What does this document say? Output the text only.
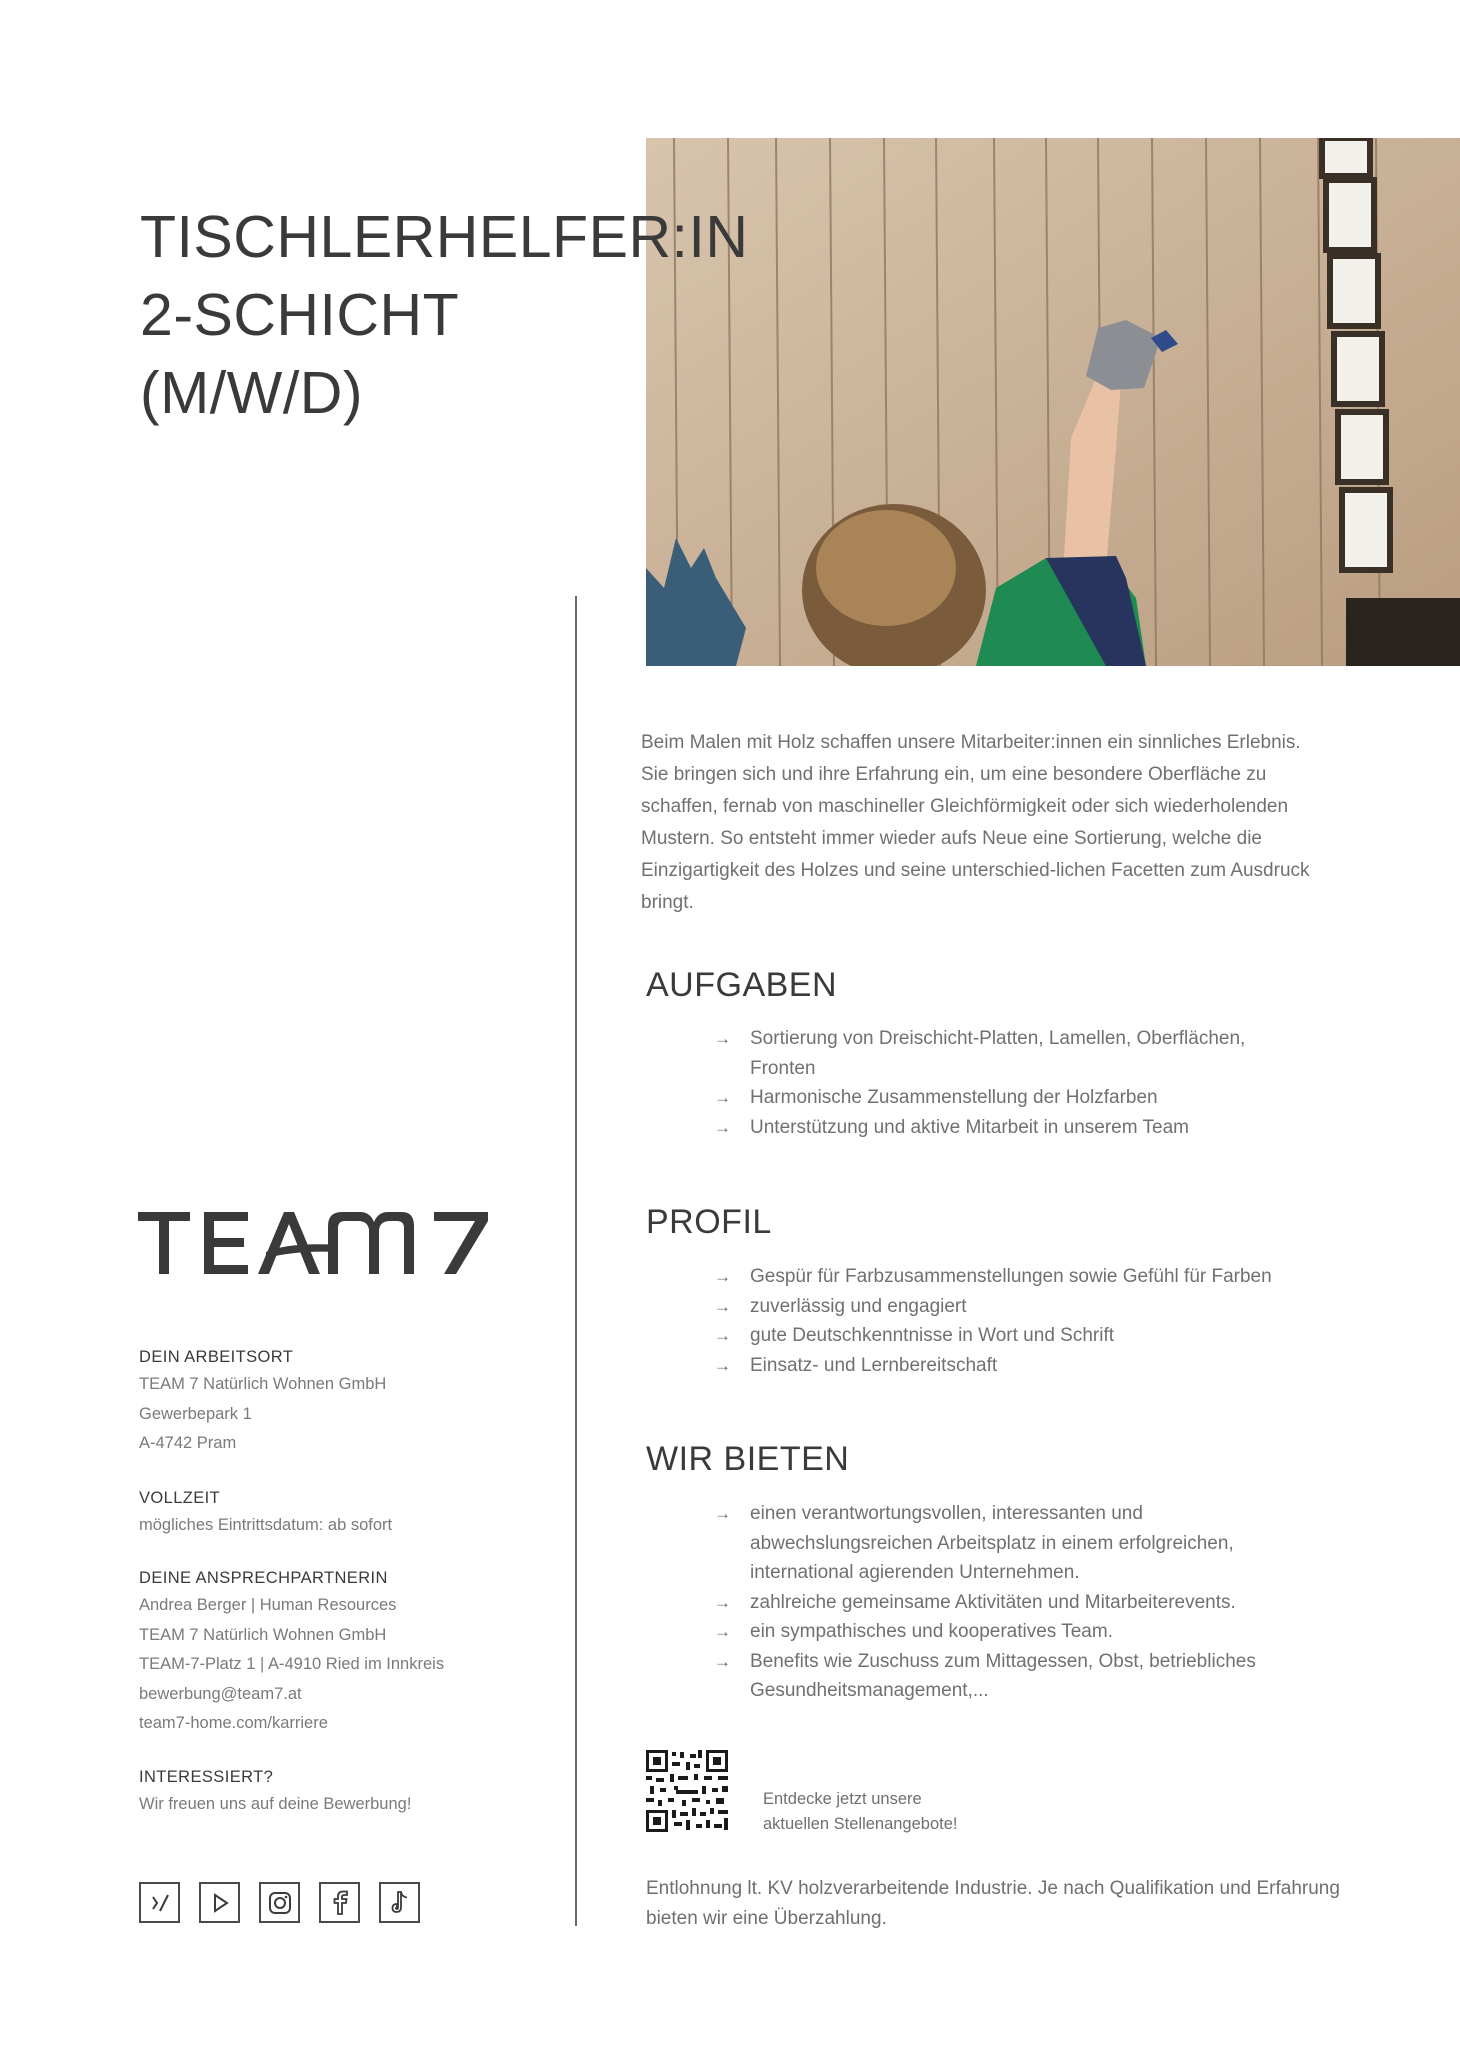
TISCHLERHELFER:IN
2-SCHICHT
(M/W/D)

Beim Malen mit Holz schaffen unsere Mitarbeiter:innen ein sinnliches Erlebnis. Sie bringen sich und ihre Erfahrung ein, um eine besondere Oberfläche zu schaffen, fernab von maschineller Gleichförmigkeit oder sich wiederholenden Mustern. So entsteht immer wieder aufs Neue eine Sortierung, welche die Einzigartigkeit des Holzes und seine unterschied-lichen Facetten zum Ausdruck bringt.

AUFGABEN
→ Sortierung von Dreischicht-Platten, Lamellen, Oberflächen, Fronten
→ Harmonische Zusammenstellung der Holzfarben
→ Unterstützung und aktive Mitarbeit in unserem Team
PROFIL
→ Gespür für Farbzusammenstellungen sowie Gefühl für Farben
→ zuverlässig und engagiert
→ gute Deutschkenntnisse in Wort und Schrift
→ Einsatz- und Lernbereitschaft
WIR BIETEN
→ einen verantwortungsvollen, interessanten und abwechslungsreichen Arbeitsplatz in einem erfolgreichen, international agierenden Unternehmen.
→ zahlreiche gemeinsame Aktivitäten und Mitarbeiterevents.
→ ein sympathisches und kooperatives Team.
→ Benefits wie Zuschuss zum Mittagessen, Obst, betriebliches Gesundheitsmanagement,...
DEIN ARBEITSORT
TEAM 7 Natürlich Wohnen GmbH
Gewerbepark 1
A-4742 Pram
VOLLZEIT
mögliches Eintrittsdatum: ab sofort
DEINE ANSPRECHPARTNERIN
Andrea Berger | Human Resources
TEAM 7 Natürlich Wohnen GmbH
TEAM-7-Platz 1 | A-4910 Ried im Innkreis
bewerbung@team7.at
team7-home.com/karriere
INTERESSIERT?
Wir freuen uns auf deine Bewerbung!	Entdecke jetzt unsere
aktuellen Stellenangebote!

Entlohnung lt. KV holzverarbeitende Industrie. Je nach Qualifikation und Erfahrung bieten wir eine Überzahlung.
